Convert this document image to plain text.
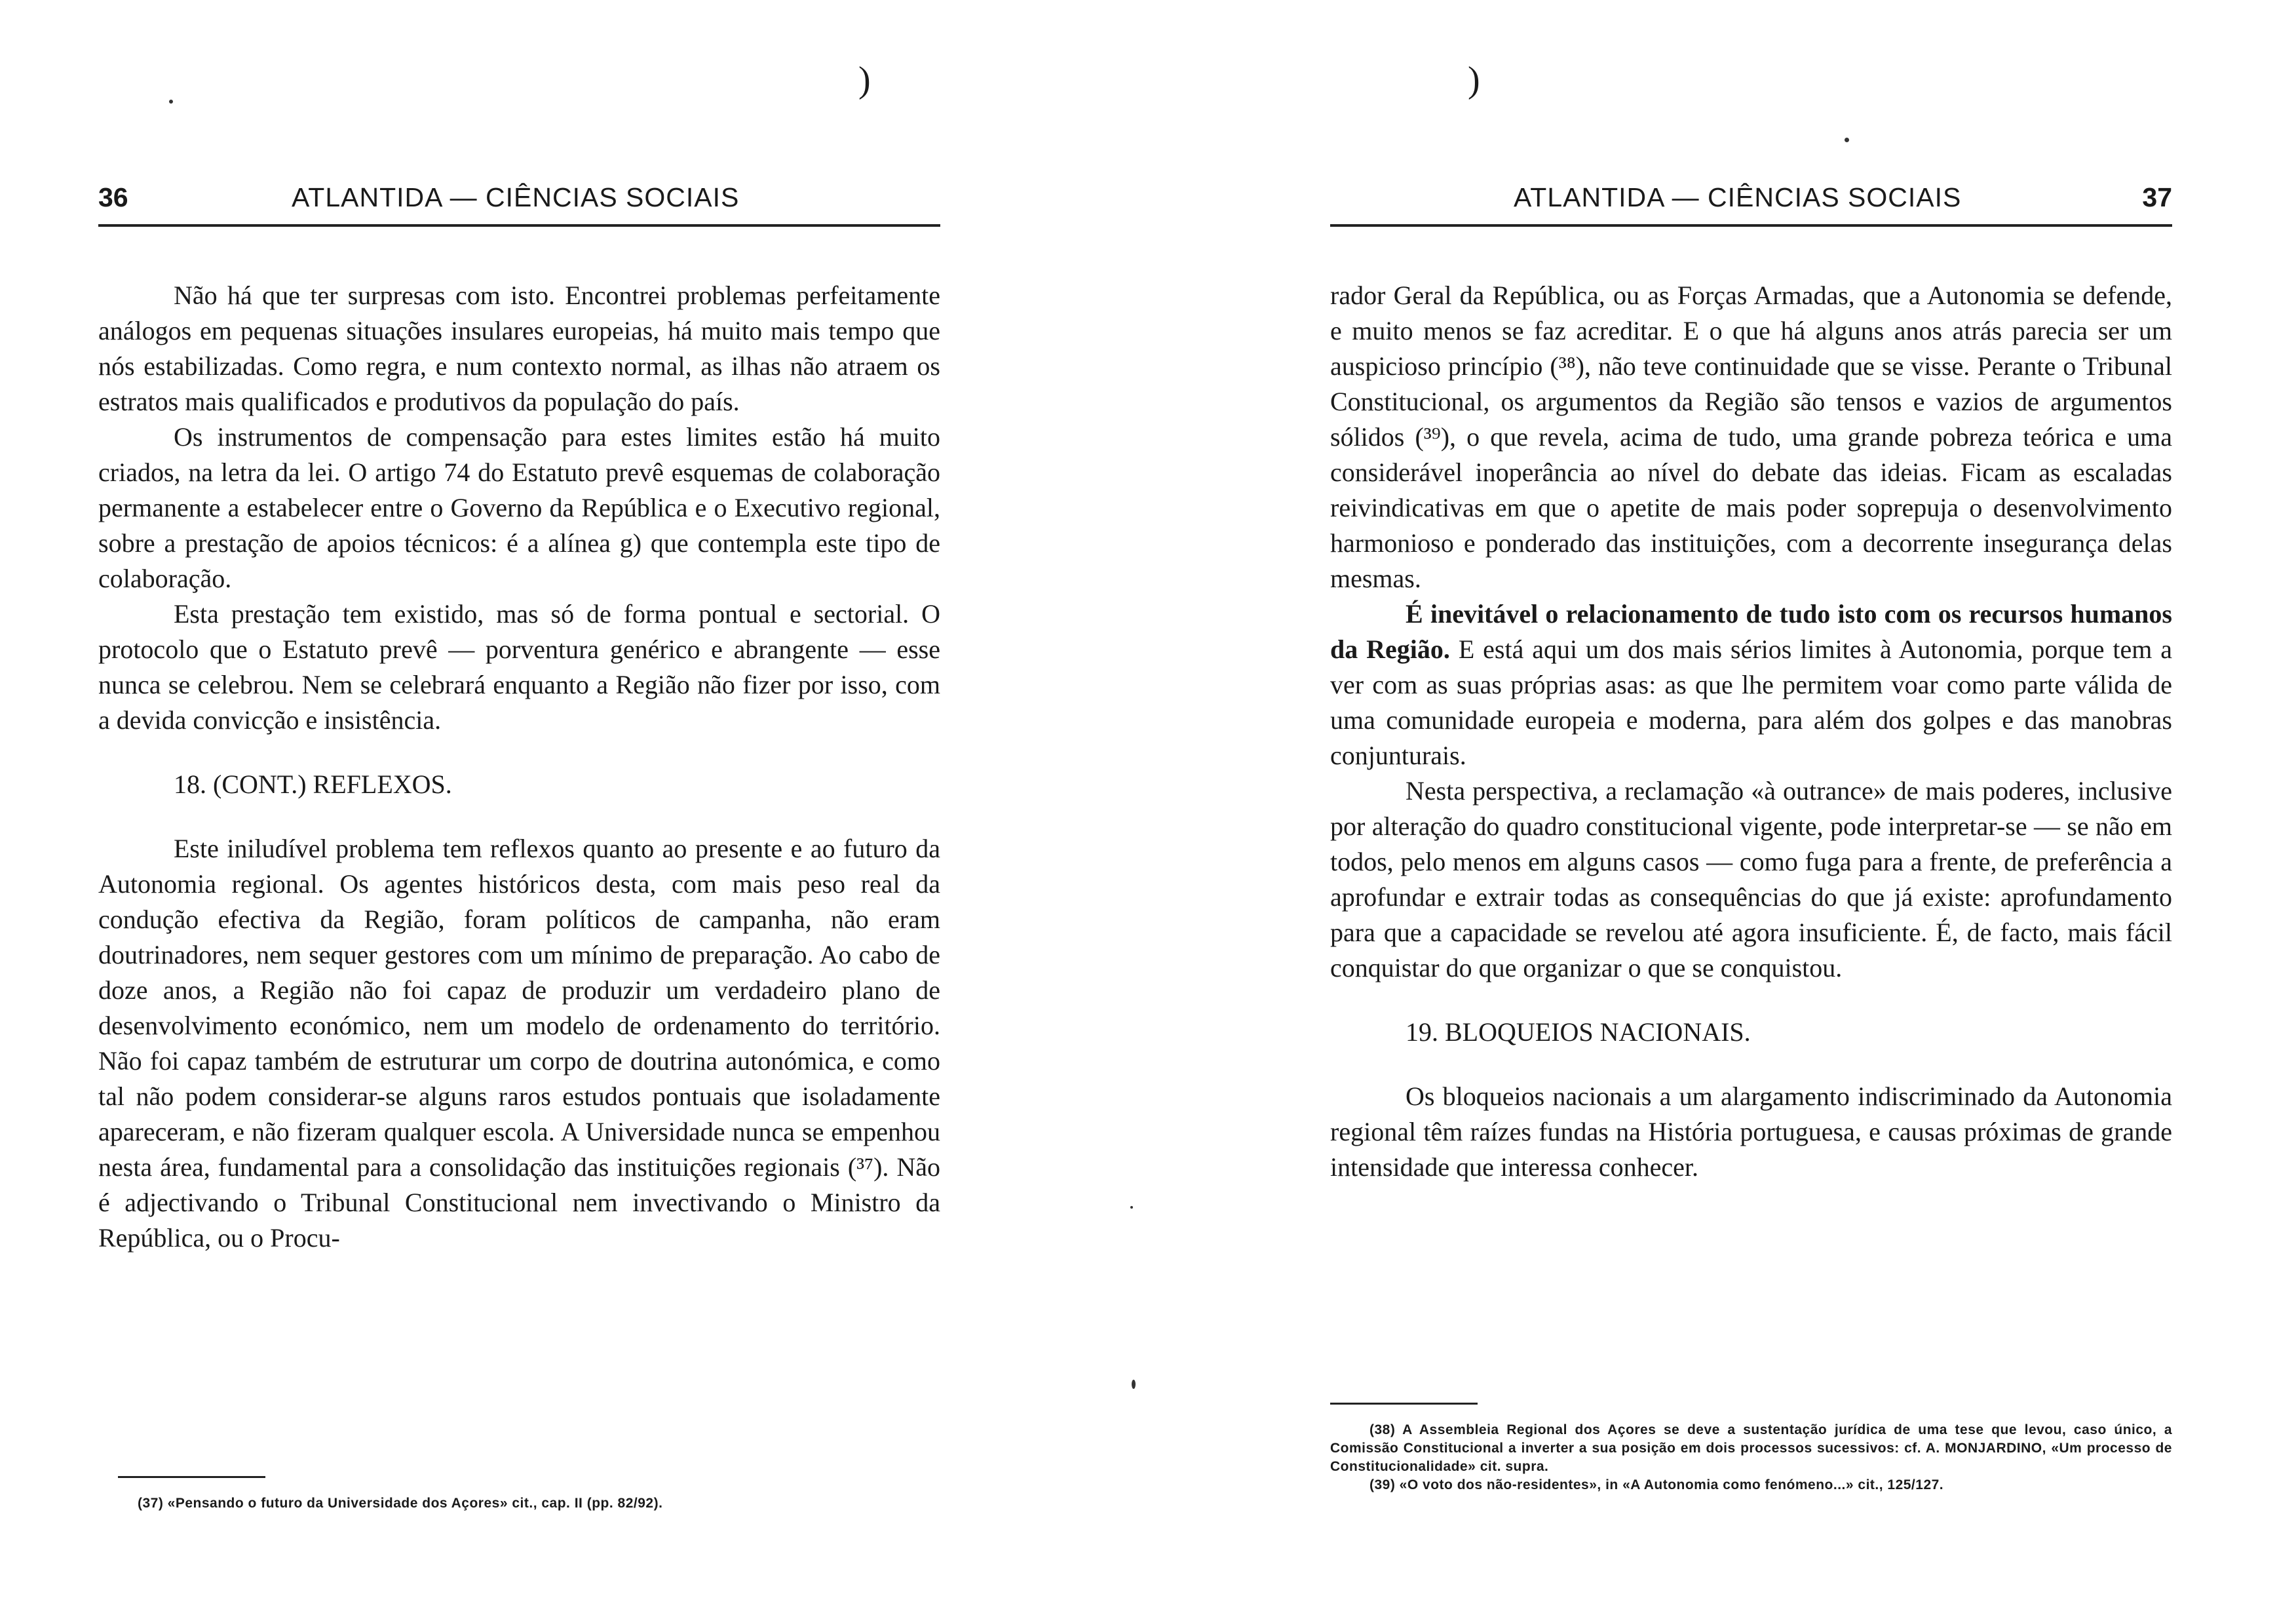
)
36	ATLANTIDA — CIÊNCIAS SOCIAIS

Não há que ter surpresas com isto. Encontrei problemas perfeitamente análogos em pequenas situações insulares europeias, há muito mais tempo que nós estabilizadas. Como regra, e num contexto normal, as ilhas não atraem os estratos mais qualificados e produtivos da população do país.

Os instrumentos de compensação para estes limites estão há muito criados, na letra da lei. O artigo 74 do Estatuto prevê esquemas de colaboração permanente a estabelecer entre o Governo da República e o Executivo regional, sobre a prestação de apoios técnicos: é a alínea g) que contempla este tipo de colaboração.

Esta prestação tem existido, mas só de forma pontual e sectorial. O protocolo que o Estatuto prevê — porventura genérico e abrangente — esse nunca se celebrou. Nem se celebrará enquanto a Região não fizer por isso, com a devida convicção e insistência.

18. (CONT.) REFLEXOS.

Este iniludível problema tem reflexos quanto ao presente e ao futuro da Autonomia regional. Os agentes históricos desta, com mais peso real da condução efectiva da Região, foram políticos de campanha, não eram doutrinadores, nem sequer gestores com um mínimo de preparação. Ao cabo de doze anos, a Região não foi capaz de produzir um verdadeiro plano de desenvolvimento económico, nem um modelo de ordenamento do território. Não foi capaz também de estruturar um corpo de doutrina autonómica, e como tal não podem considerar-se alguns raros estudos pontuais que isoladamente apareceram, e não fizeram qualquer escola. A Universidade nunca se empenhou nesta área, fundamental para a consolidação das instituições regionais (³⁷). Não é adjectivando o Tribunal Constitucional nem invectivando o Ministro da República, ou o Procu-

(37) «Pensando o futuro da Universidade dos Açores» cit., cap. II (pp. 82/92).

)
ATLANTIDA — CIÊNCIAS SOCIAIS	37

rador Geral da República, ou as Forças Armadas, que a Autonomia se defende, e muito menos se faz acreditar. E o que há alguns anos atrás parecia ser um auspicioso princípio (³⁸), não teve continuidade que se visse. Perante o Tribunal Constitucional, os argumentos da Região são tensos e vazios de argumentos sólidos (³⁹), o que revela, acima de tudo, uma grande pobreza teórica e uma considerável inoperância ao nível do debate das ideias. Ficam as escaladas reivindicativas em que o apetite de mais poder soprepuja o desenvolvimento harmonioso e ponderado das instituições, com a decorrente insegurança delas mesmas.

É inevitável o relacionamento de tudo isto com os recursos humanos da Região. E está aqui um dos mais sérios limites à Autonomia, porque tem a ver com as suas próprias asas: as que lhe permitem voar como parte válida de uma comunidade europeia e moderna, para além dos golpes e das manobras conjunturais.

Nesta perspectiva, a reclamação «à outrance» de mais poderes, inclusive por alteração do quadro constitucional vigente, pode interpretar-se — se não em todos, pelo menos em alguns casos — como fuga para a frente, de preferência a aprofundar e extrair todas as consequências do que já existe: aprofundamento para que a capacidade se revelou até agora insuficiente. É, de facto, mais fácil conquistar do que organizar o que se conquistou.

19. BLOQUEIOS NACIONAIS.

Os bloqueios nacionais a um alargamento indiscriminado da Autonomia regional têm raízes fundas na História portuguesa, e causas próximas de grande intensidade que interessa conhecer.

(38) A Assembleia Regional dos Açores se deve a sustentação jurídica de uma tese que levou, caso único, a Comissão Constitucional a inverter a sua posição em dois processos sucessivos: cf. A. MONJARDINO, «Um processo de Constitucionalidade» cit. supra.

(39) «O voto dos não-residentes», in «A Autonomia como fenómeno...» cit., 125/127.
